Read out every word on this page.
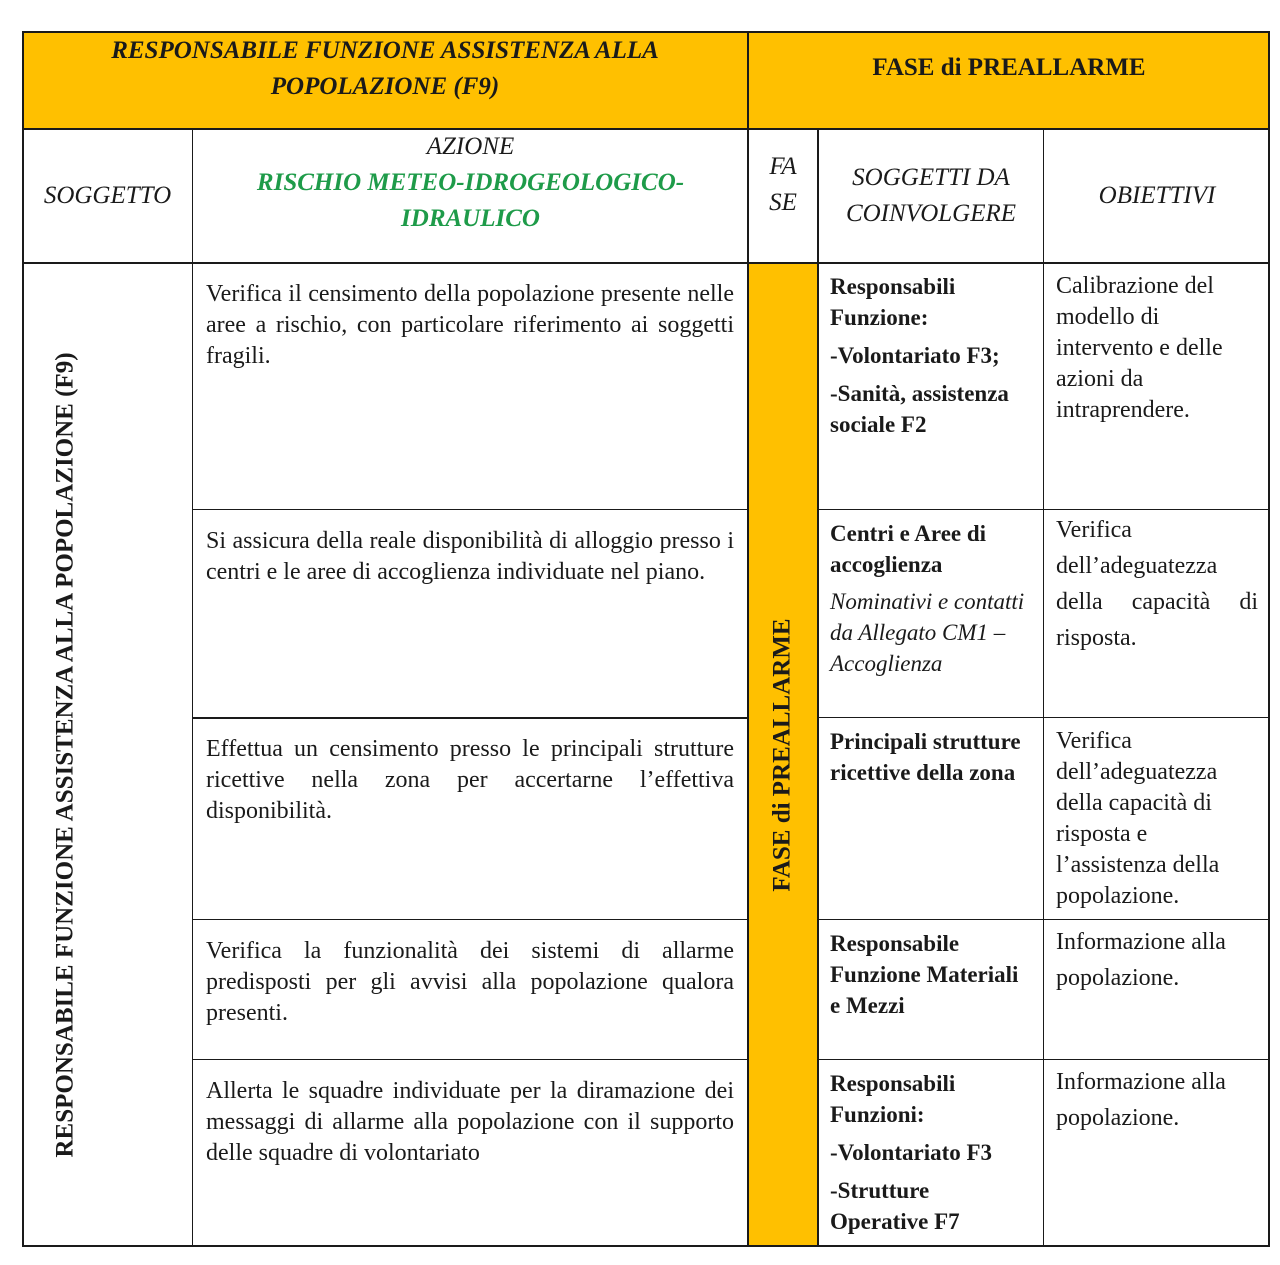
RESPONSABILE FUNZIONE ASSISTENZA ALLA
POPOLAZIONE (F9)
FASE di PREALLARME
SOGGETTO
AZIONE
RISCHIO METEO-IDROGEOLOGICO-
IDRAULICO
FA
SE
SOGGETTI DA
COINVOLGERE
OBIETTIVI
RESPONSABILE FUNZIONE ASSISTENZA ALLA POPOLAZIONE (F9)	FASE di PREALLARME
Verifica il censimento della popolazione presente nelle aree a rischio, con particolare riferimento ai soggetti fragili.
Responsabili Funzione:
-Volontariato F3;
-Sanità, assistenza sociale F2
Calibrazione del modello di intervento e delle azioni da intraprendere.
Si assicura della reale disponibilità di alloggio presso i centri e le aree di accoglienza individuate nel piano.
Centri e Aree di accoglienza
Nominativi e contatti da Allegato CM1 – Accoglienza
Verifica dell’adeguatezza della capacità di risposta.
Effettua un censimento presso le principali strutture ricettive nella zona per accertarne l’effettiva disponibilità.
Principali strutture ricettive della zona
Verifica dell’adeguatezza della capacità di risposta e l’assistenza della popolazione.
Verifica la funzionalità dei sistemi di allarme predisposti per gli avvisi alla popolazione qualora presenti.
Responsabile Funzione Materiali e Mezzi
Informazione alla popolazione.
Allerta le squadre individuate per la diramazione dei messaggi di allarme alla popolazione con il supporto delle squadre di volontariato
Responsabili Funzioni:
-Volontariato F3
-Strutture Operative F7
Informazione alla popolazione.
